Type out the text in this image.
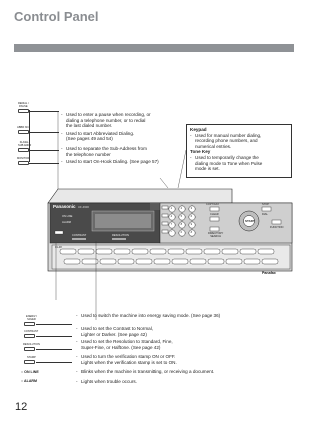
Control Panel
REDIAL /
PAUSE
ABBR NO.
FLASH /
SUB ADDR
MONITOR
- Used to enter a pause when recording, or
dialing a telephone number, or to redial
the last dialed number.
- Used to start Abbreviated Dialing.
(See pages 49 and 54)
- Used to separate the Sub-Address from
the telephone number
- Used to start On-Hook Dialing. (See page 57)
Keypad
- Used for manual number dialing,
recording phone numbers, and
numerical entries.
Tone Key
- Used to temporarily change the
dialing mode to Tone when Pulse
mode is set.
Panasonic UF-4600
ON LINE
ALARM
CONTRAST	RESOLUTION
1	2	3
4	5	6
7	8	9
*	0	#
COPY/FAX	STOP
CLEAR	DIAL
DIRECTORY
SEARCH
FUNCTION
START
01-48
Panafax
ENERGY
SAVER
CONTRAST
RESOLUTION
STAMP
○ ON LINE
○ ALARM
- Used to switch the machine into energy saving mode. (See page 36)
- Used to set the Contrast to Normal,
Lighter or Darker. (See page 42)
- Used to set the Resolution to Standard, Fine,
Super-Fine, or Halftone. (See page 42)
- Used to turn the verification stamp ON or OFF.
Lights when the verification stamp is set to ON.
- Blinks when the machine is transmitting, or receiving a document.
- Lights when trouble occurs.
12
